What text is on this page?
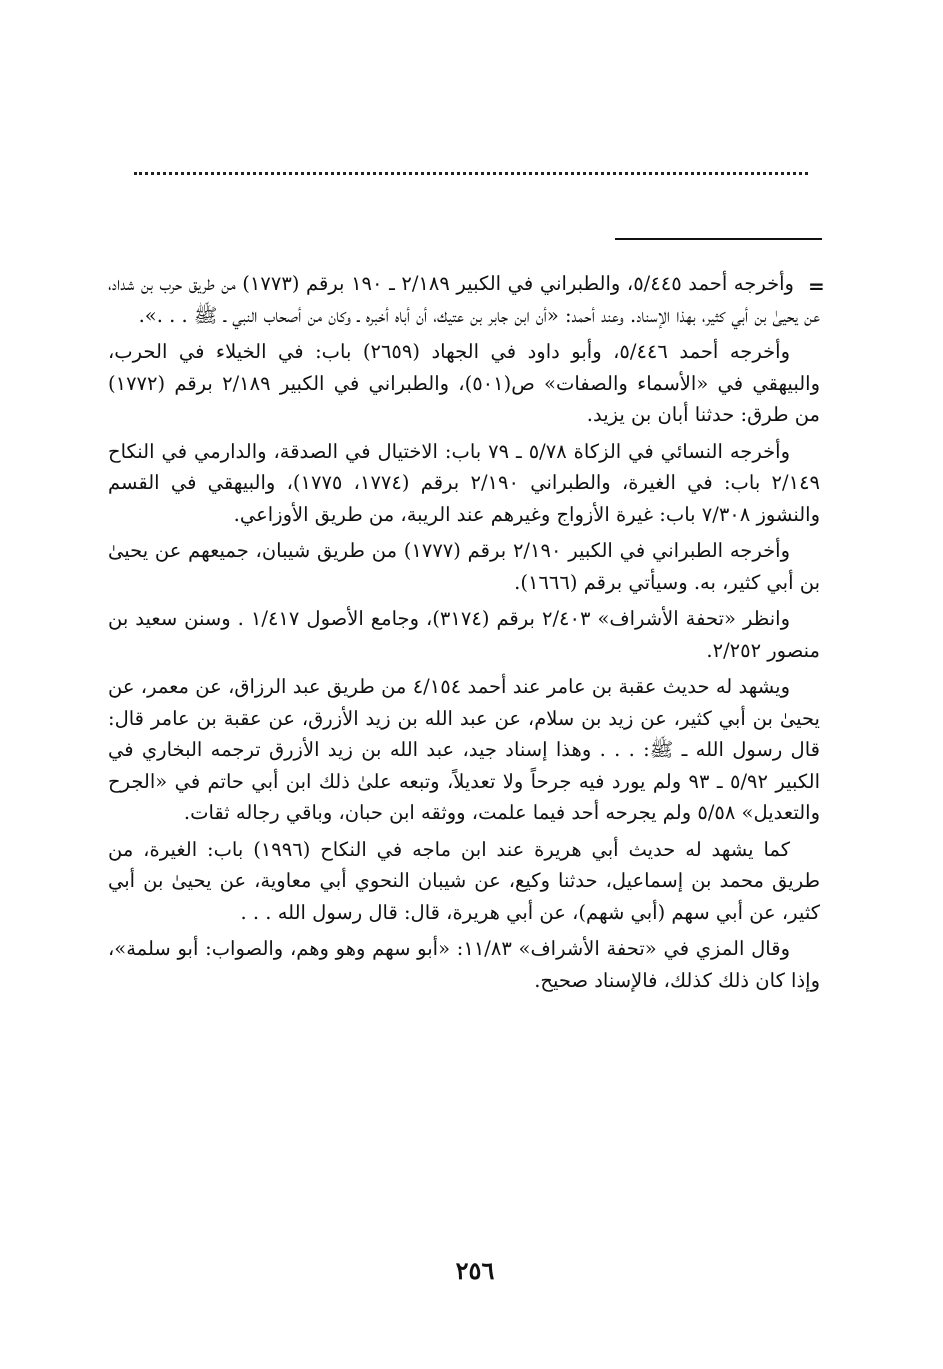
=

وأخرجه أحمد ٥/٤٤٥، والطبراني في الكبير ٢/١٨٩ ـ ١٩٠ برقم (١٧٧٣) من طريق حرب بن شداد، عن يحيىٰ بن أبي كثير، بهذا الإسناد. وعند أحمد: «أن ابن جابر بن عتيك، أن أباه أخبره ـ وكان من أصحاب النبي ـ ﷺ . . .».

وأخرجه أحمد ٥/٤٤٦، وأبو داود في الجهاد (٢٦٥٩) باب: في الخيلاء في الحرب، والبيهقي في «الأسماء والصفات» ص(٥٠١)، والطبراني في الكبير ٢/١٨٩ برقم (١٧٧٢) من طرق: حدثنا أبان بن يزيد.

وأخرجه النسائي في الزكاة ٥/٧٨ ـ ٧٩ باب: الاختيال في الصدقة، والدارمي في النكاح ٢/١٤٩ باب: في الغيرة، والطبراني ٢/١٩٠ برقم (١٧٧٤، ١٧٧٥)، والبيهقي في القسم والنشوز ٧/٣٠٨ باب: غيرة الأزواج وغيرهم عند الريبة، من طريق الأوزاعي.

وأخرجه الطبراني في الكبير ٢/١٩٠ برقم (١٧٧٧) من طريق شيبان، جميعهم عن يحيىٰ بن أبي كثير، به. وسيأتي برقم (١٦٦٦).

وانظر «تحفة الأشراف» ٢/٤٠٣ برقم (٣١٧٤)، وجامع الأصول ١/٤١٧ . وسنن سعيد بن منصور ٢/٢٥٢.

ويشهد له حديث عقبة بن عامر عند أحمد ٤/١٥٤ من طريق عبد الرزاق، عن معمر، عن يحيىٰ بن أبي كثير، عن زيد بن سلام، عن عبد الله بن زيد الأزرق، عن عقبة بن عامر قال: قال رسول الله ـ ﷺ: . . . وهذا إسناد جيد، عبد الله بن زيد الأزرق ترجمه البخاري في الكبير ٥/٩٢ ـ ٩٣ ولم يورد فيه جرحاً ولا تعديلاً، وتبعه علىٰ ذلك ابن أبي حاتم في «الجرح والتعديل» ٥/٥٨ ولم يجرحه أحد فيما علمت، ووثقه ابن حبان، وباقي رجاله ثقات.

كما يشهد له حديث أبي هريرة عند ابن ماجه في النكاح (١٩٩٦) باب: الغيرة، من طريق محمد بن إسماعيل، حدثنا وكيع، عن شيبان النحوي أبي معاوية، عن يحيىٰ بن أبي كثير، عن أبي سهم (أبي شهم)، عن أبي هريرة، قال: قال رسول الله . . .

وقال المزي في «تحفة الأشراف» ١١/٨٣: «أبو سهم وهو وهم، والصواب: أبو سلمة»، وإذا كان ذلك كذلك، فالإسناد صحيح.

٢٥٦
